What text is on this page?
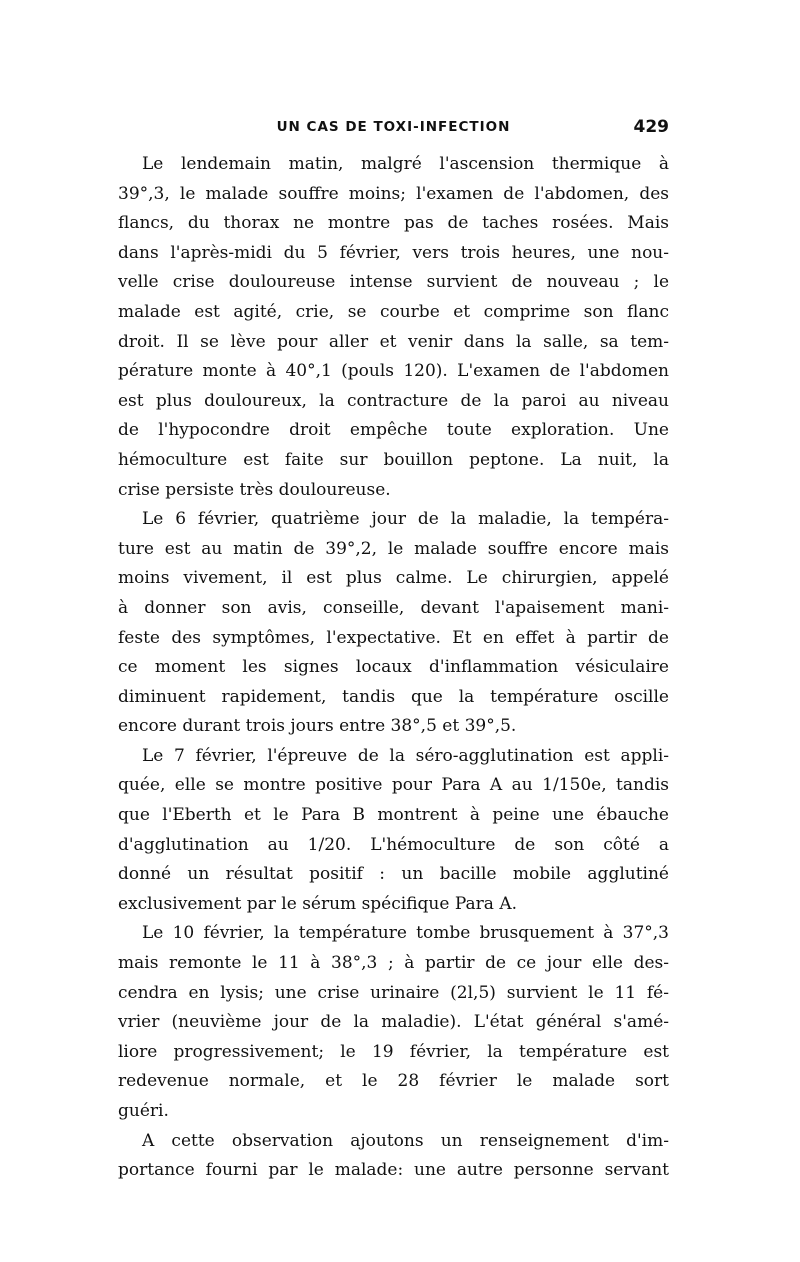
UN CAS DE TOXI-INFECTION	429
Le lendemain matin, malgré l'ascension thermique à
39°,3, le malade souffre moins; l'examen de l'abdomen, des
flancs, du thorax ne montre pas de taches rosées. Mais
dans l'après-midi du 5 février, vers trois heures, une nou-
velle crise douloureuse intense survient de nouveau ; le
malade est agité, crie, se courbe et comprime son flanc
droit. Il se lève pour aller et venir dans la salle, sa tem-
pérature monte à 40°,1 (pouls 120). L'examen de l'abdomen
est plus douloureux, la contracture de la paroi au niveau
de l'hypocondre droit empêche toute exploration. Une
hémoculture est faite sur bouillon peptone. La nuit, la
crise persiste très douloureuse.
Le 6 février, quatrième jour de la maladie, la tempéra-
ture est au matin de 39°,2, le malade souffre encore mais
moins vivement, il est plus calme. Le chirurgien, appelé
à donner son avis, conseille, devant l'apaisement mani-
feste des symptômes, l'expectative. Et en effet à partir de
ce moment les signes locaux d'inflammation vésiculaire
diminuent rapidement, tandis que la température oscille
encore durant trois jours entre 38°,5 et 39°,5.
Le 7 février, l'épreuve de la séro-agglutination est appli-
quée, elle se montre positive pour Para A au 1/150e, tandis
que l'Eberth et le Para B montrent à peine une ébauche
d'agglutination au 1/20. L'hémoculture de son côté a
donné un résultat positif : un bacille mobile agglutiné
exclusivement par le sérum spécifique Para A.
Le 10 février, la température tombe brusquement à 37°,3
mais remonte le 11 à 38°,3 ; à partir de ce jour elle des-
cendra en lysis; une crise urinaire (2l,5) survient le 11 fé-
vrier (neuvième jour de la maladie). L'état général s'amé-
liore progressivement; le 19 février, la température est
redevenue normale, et le 28 février le malade sort
guéri.
A cette observation ajoutons un renseignement d'im-
portance fourni par le malade: une autre personne servant
